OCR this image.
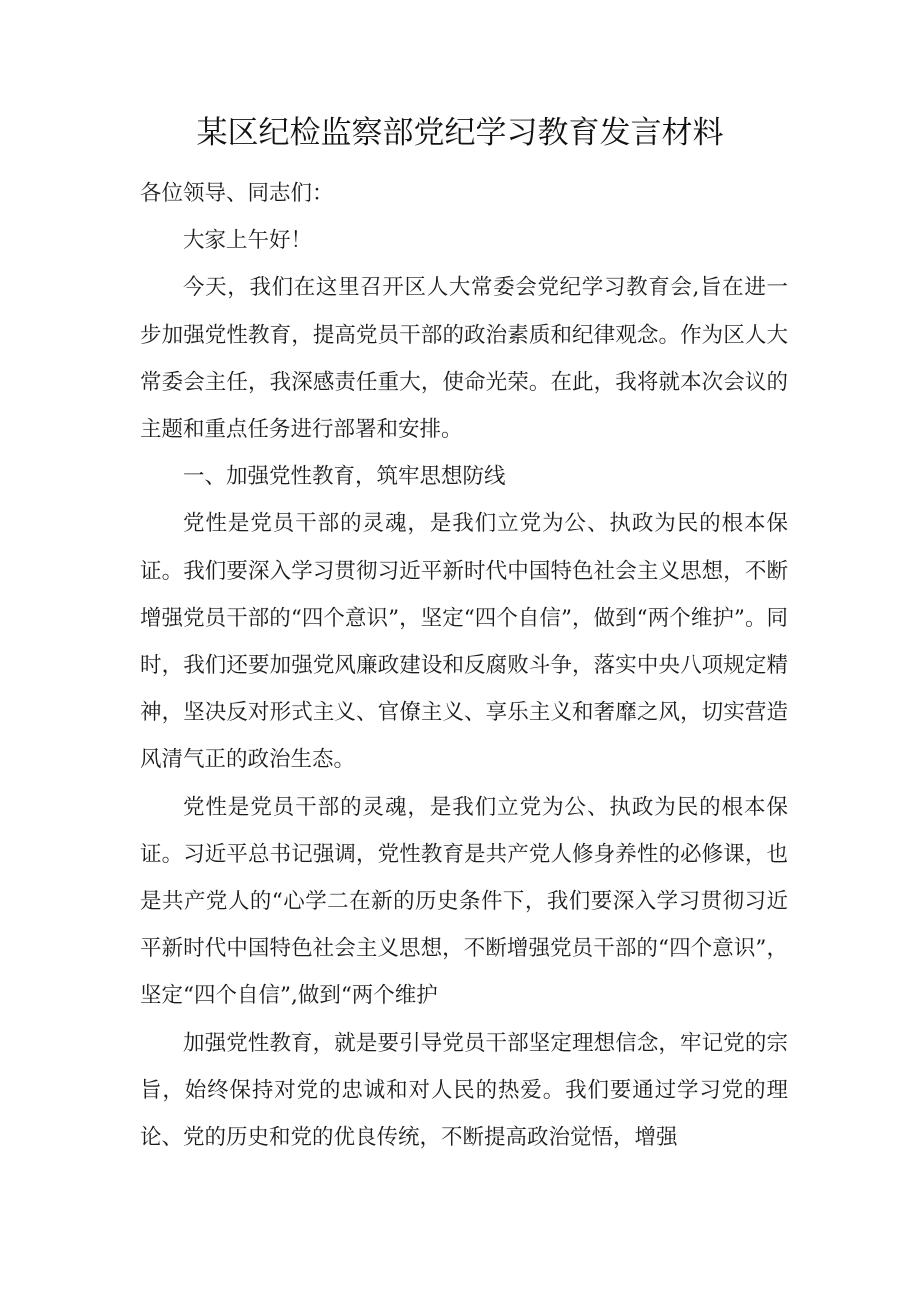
某区纪检监察部党纪学习教育发言材料

各位领导、同志们：

大家上午好！

今天，我们在这里召开区人大常委会党纪学习教育会,旨在进一步加强党性教育，提高党员干部的政治素质和纪律观念。作为区人大常委会主任，我深感责任重大，使命光荣。在此，我将就本次会议的主题和重点任务进行部署和安排。

一、加强党性教育，筑牢思想防线

党性是党员干部的灵魂，是我们立党为公、执政为民的根本保证。我们要深入学习贯彻习近平新时代中国特色社会主义思想，不断增强党员干部的“四个意识”，坚定“四个自信”，做到“两个维护”。同时，我们还要加强党风廉政建设和反腐败斗争，落实中央八项规定精神，坚决反对形式主义、官僚主义、享乐主义和奢靡之风，切实营造风清气正的政治生态。

党性是党员干部的灵魂，是我们立党为公、执政为民的根本保证。习近平总书记强调，党性教育是共产党人修身养性的必修课，也是共产党人的“心学二在新的历史条件下，我们要深入学习贯彻习近平新时代中国特色社会主义思想，不断增强党员干部的“四个意识”，坚定“四个自信”,做到“两个维护

加强党性教育，就是要引导党员干部坚定理想信念，牢记党的宗旨，始终保持对党的忠诚和对人民的热爱。我们要通过学习党的理论、党的历史和党的优良传统，不断提高政治觉悟，增强
